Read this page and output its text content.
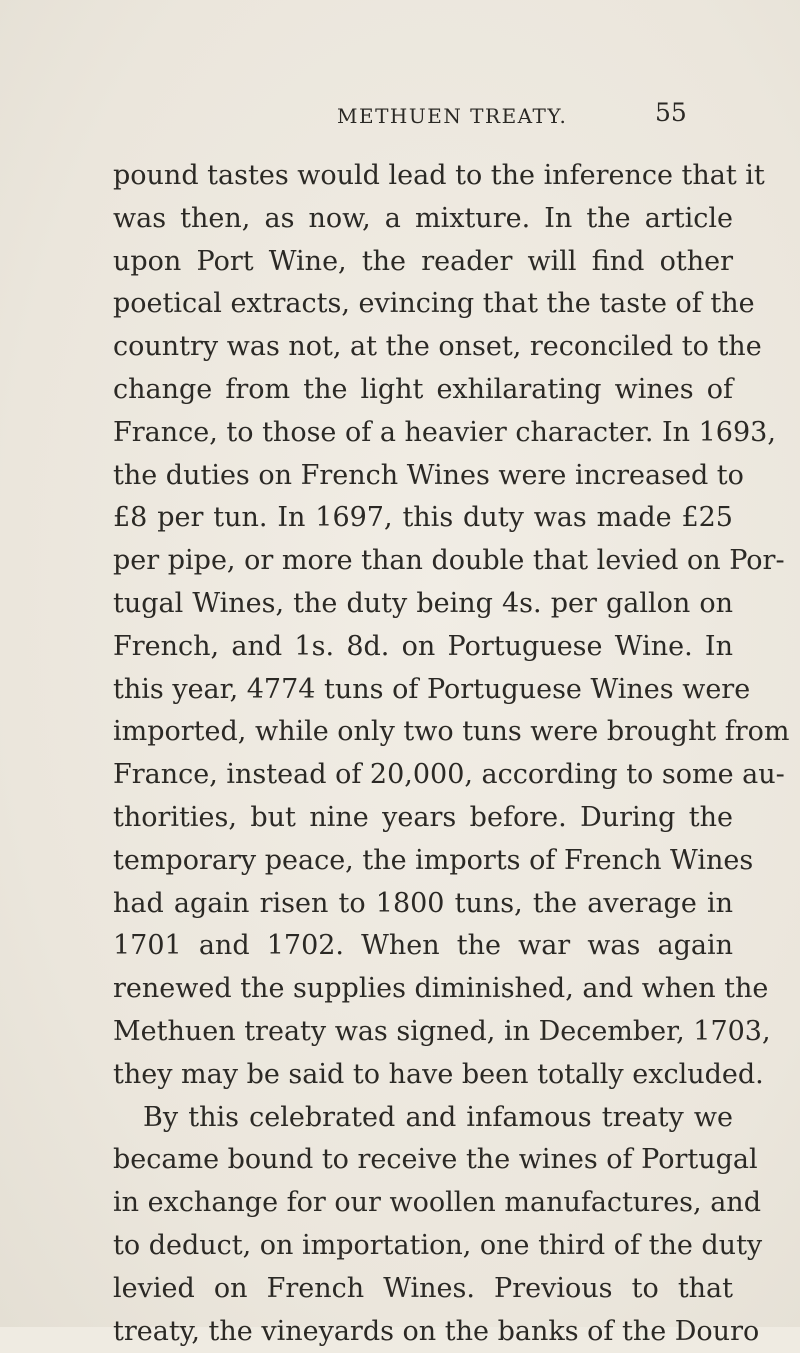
METHUEN TREATY.	55
pound tastes would lead to the inference that it
was then, as now, a mixture. In the article
upon Port Wine, the reader will find other
poetical extracts, evincing that the taste of the
country was not, at the onset, reconciled to the
change from the light exhilarating wines of
France, to those of a heavier character. In 1693,
the duties on French Wines were increased to
£8 per tun. In 1697, this duty was made £25
per pipe, or more than double that levied on Por-
tugal Wines, the duty being 4s. per gallon on
French, and 1s. 8d. on Portuguese Wine. In
this year, 4774 tuns of Portuguese Wines were
imported, while only two tuns were brought from
France, instead of 20,000, according to some au-
thorities, but nine years before. During the
temporary peace, the imports of French Wines
had again risen to 1800 tuns, the average in
1701 and 1702. When the war was again
renewed the supplies diminished, and when the
Methuen treaty was signed, in December, 1703,
they may be said to have been totally excluded.
By this celebrated and infamous treaty we
became bound to receive the wines of Portugal
in exchange for our woollen manufactures, and
to deduct, on importation, one third of the duty
levied on French Wines. Previous to that
treaty, the vineyards on the banks of the Douro
